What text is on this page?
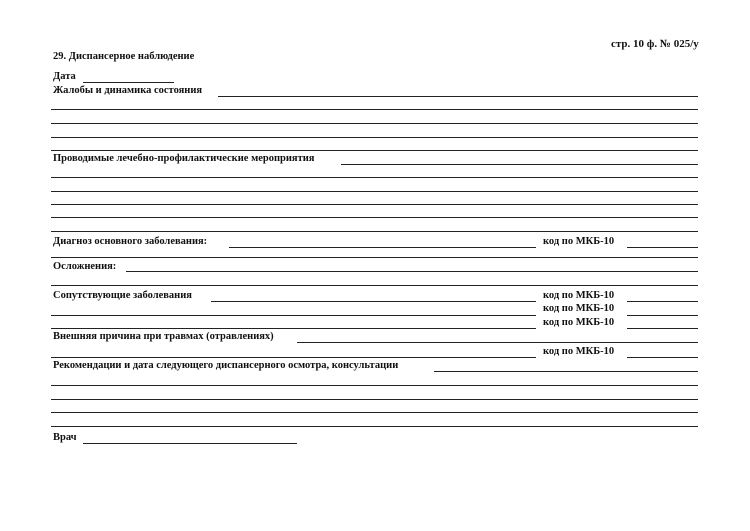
стр. 10 ф. № 025/у
29. Диспансерное наблюдение
Дата
Жалобы и динамика состояния
Проводимые лечебно-профилактические мероприятия
Диагноз основного заболевания:	код по МКБ-10
Осложнения:
Сопутствующие заболевания	код по МКБ-10
код по МКБ-10
код по МКБ-10
Внешняя причина при травмах (отравлениях)
код по МКБ-10
Рекомендации и дата следующего диспансерного осмотра, консультации
Врач
